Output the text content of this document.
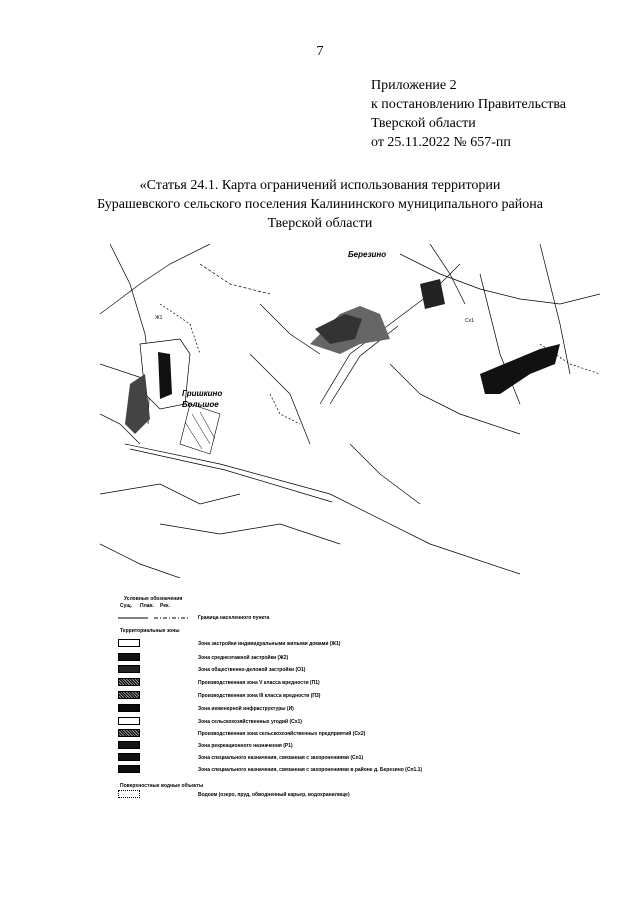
7
Приложение 2
к постановлению Правительства
Тверской области
от 25.11.2022 № 657-пп
«Статья 24.1. Карта ограничений использования территории
Бурашевского сельского поселения Калининского муниципального района
Тверской области
Березино
Гришкино
Большое
Ж1	Сх1
Условные обозначения
Сущ. План. Рек.
Граница населенного пункта
Территориальные зоны
Зона застройки индивидуальными жилыми домами (Ж1)
Зона среднеэтажной застройки (Ж2)
Зона общественно-деловой застройки (О1)
Производственная зона V класса вредности (П1)
Производственная зона III класса вредности (П3)
Зона инженерной инфраструктуры (И)
Зона сельскохозяйственных угодий (Сх1)
Производственная зона сельскохозяйственных предприятий (Сх2)
Зона рекреационного назначения (Р1)
Зона специального назначения, связанная с захоронениями (Сп1)
Зона специального назначения, связанная с захоронениями в районе д. Березино (Сп1.1)
Поверхностные водные объекты
Водоем (озеро, пруд, обводненный карьер, водохранилище)
